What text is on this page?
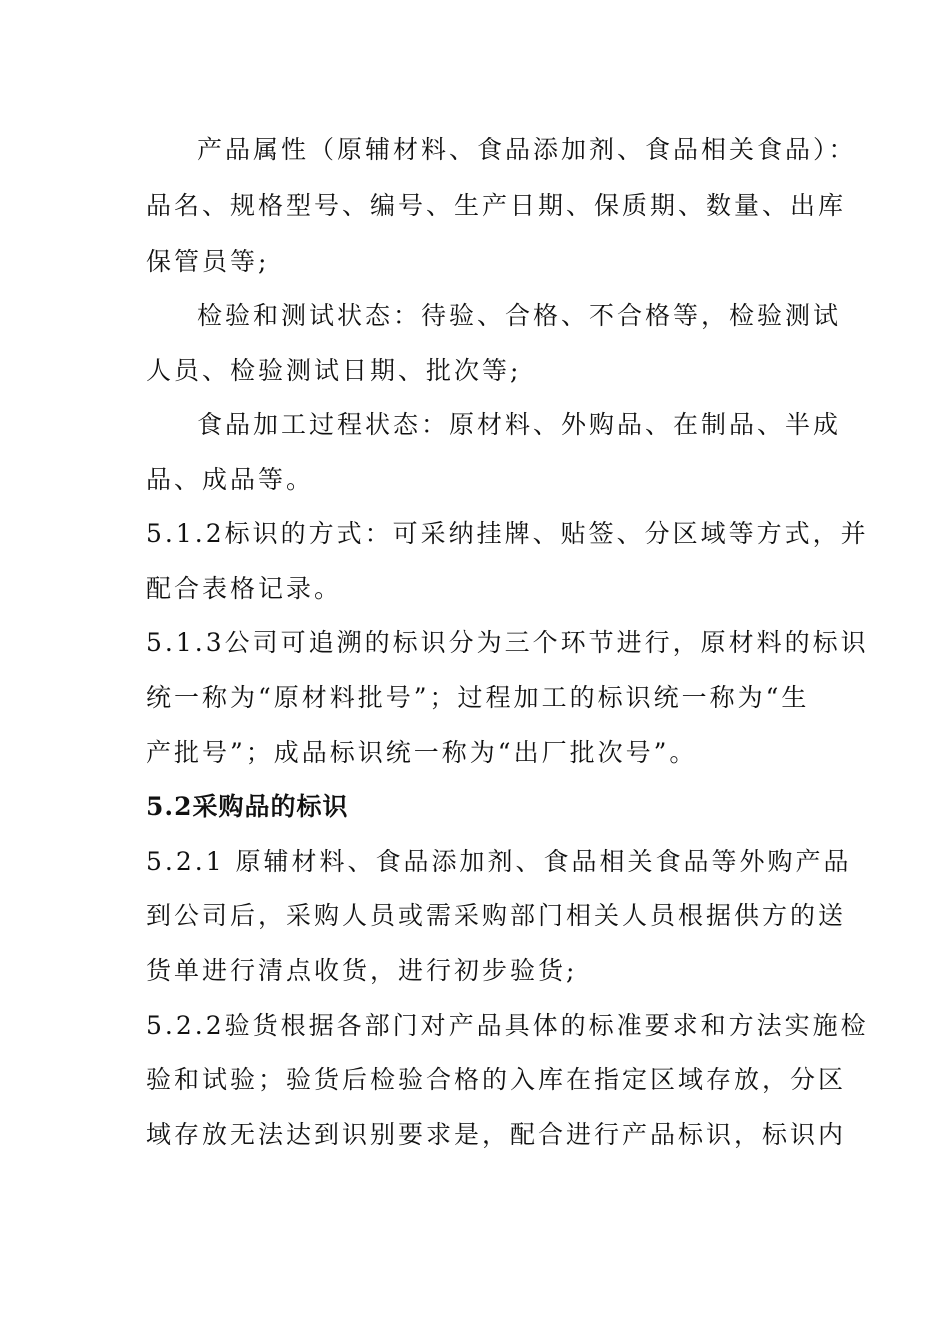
产品属性（原辅材料、食品添加剂、食品相关食品）：

品名、规格型号、编号、生产日期、保质期、数量、出库

保管员等;

检验和测试状态：待验、合格、不合格等，检验测试

人员、检验测试日期、批次等;

食品加工过程状态：原材料、外购品、在制品、半成

品、成品等。

5.1.2标识的方式：可采纳挂牌、贴签、分区域等方式，并

配合表格记录。

5.1.3公司可追溯的标识分为三个环节进行，原材料的标识

统一称为“原材料批号”；过程加工的标识统一称为“生

产批号”；成品标识统一称为“出厂批次号”。

5.2采购品的标识

5.2.1 原辅材料、食品添加剂、食品相关食品等外购产品

到公司后，采购人员或需采购部门相关人员根据供方的送

货单进行清点收货，进行初步验货;

5.2.2验货根据各部门对产品具体的标准要求和方法实施检

验和试验；验货后检验合格的入库在指定区域存放，分区

域存放无法达到识别要求是，配合进行产品标识，标识内
